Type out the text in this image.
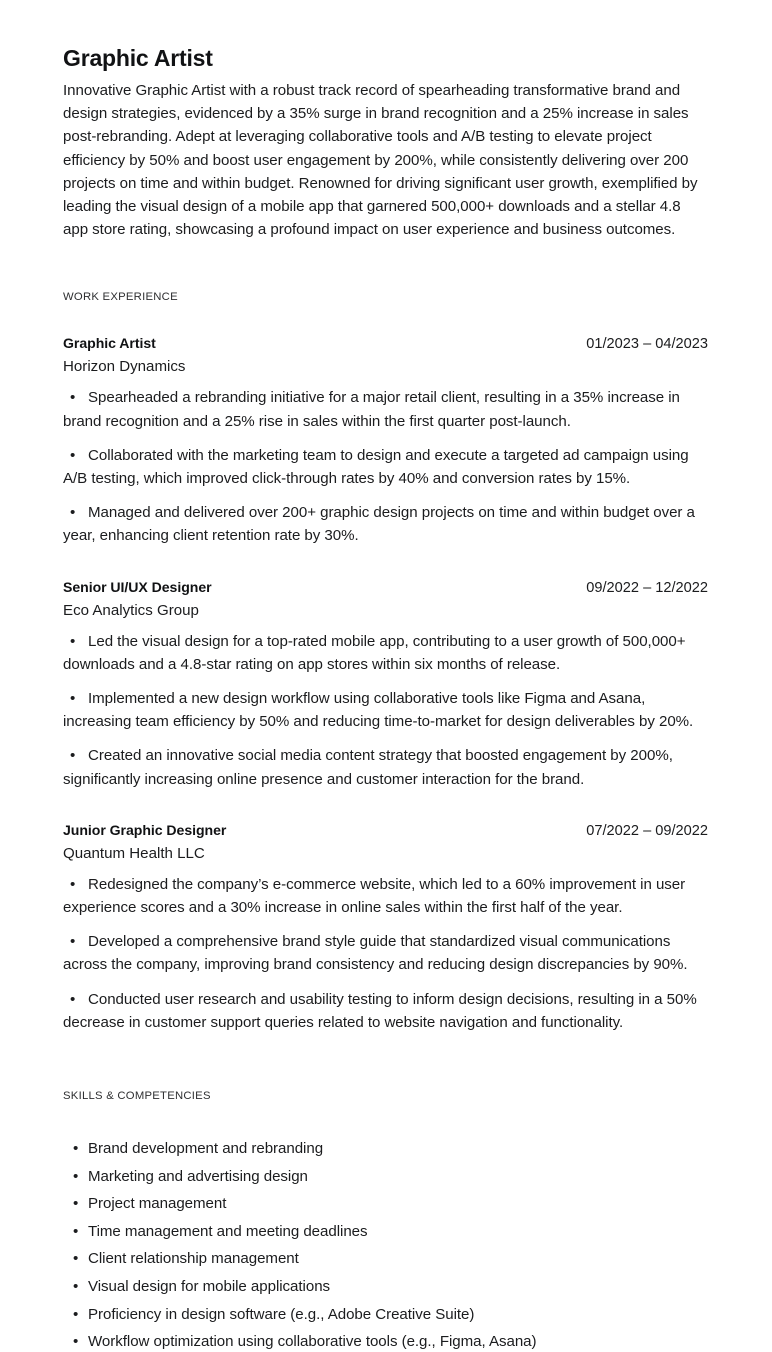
Graphic Artist

Innovative Graphic Artist with a robust track record of spearheading transformative brand and design strategies, evidenced by a 35% surge in brand recognition and a 25% increase in sales post-rebranding. Adept at leveraging collaborative tools and A/B testing to elevate project efficiency by 50% and boost user engagement by 200%, while consistently delivering over 200 projects on time and within budget. Renowned for driving significant user growth, exemplified by leading the visual design of a mobile app that garnered 500,000+ downloads and a stellar 4.8 app store rating, showcasing a profound impact on user experience and business outcomes.

WORK EXPERIENCE
Graphic Artist	01/2023 – 04/2023
Horizon Dynamics
• Spearheaded a rebranding initiative for a major retail client, resulting in a 35% increase in brand recognition and a 25% rise in sales within the first quarter post-launch.
• Collaborated with the marketing team to design and execute a targeted ad campaign using A/B testing, which improved click-through rates by 40% and conversion rates by 15%.
• Managed and delivered over 200+ graphic design projects on time and within budget over a year, enhancing client retention rate by 30%.
Senior UI/UX Designer	09/2022 – 12/2022
Eco Analytics Group
• Led the visual design for a top-rated mobile app, contributing to a user growth of 500,000+ downloads and a 4.8-star rating on app stores within six months of release.
• Implemented a new design workflow using collaborative tools like Figma and Asana, increasing team efficiency by 50% and reducing time-to-market for design deliverables by 20%.
• Created an innovative social media content strategy that boosted engagement by 200%, significantly increasing online presence and customer interaction for the brand.
Junior Graphic Designer	07/2022 – 09/2022
Quantum Health LLC
• Redesigned the company’s e-commerce website, which led to a 60% improvement in user experience scores and a 30% increase in online sales within the first half of the year.
• Developed a comprehensive brand style guide that standardized visual communications across the company, improving brand consistency and reducing design discrepancies by 90%.
• Conducted user research and usability testing to inform design decisions, resulting in a 50% decrease in customer support queries related to website navigation and functionality.
SKILLS & COMPETENCIES
• Brand development and rebranding
• Marketing and advertising design
• Project management
• Time management and meeting deadlines
• Client relationship management
• Visual design for mobile applications
• Proficiency in design software (e.g., Adobe Creative Suite)
• Workflow optimization using collaborative tools (e.g., Figma, Asana)
